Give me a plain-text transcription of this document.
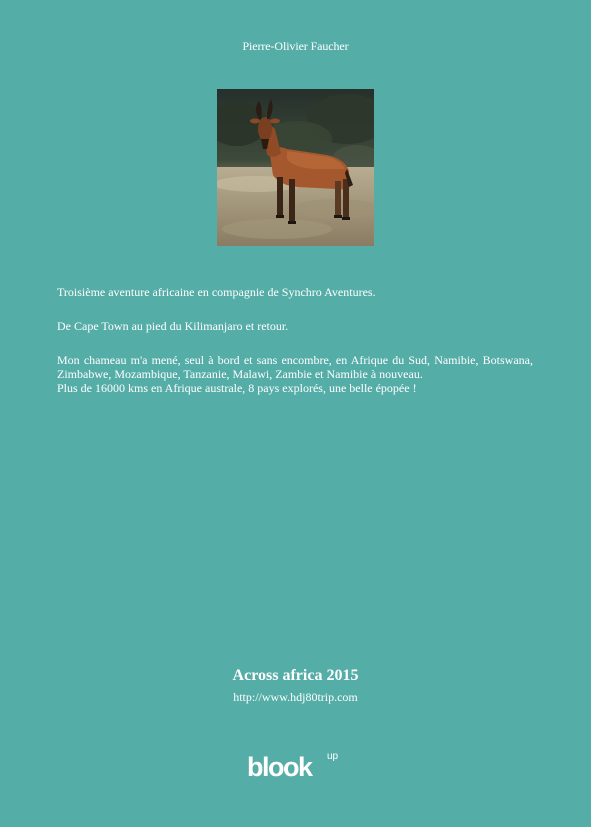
Pierre-Olivier Faucher

Troisième aventure africaine en compagnie de Synchro Aventures.

De Cape Town au pied du Kilimanjaro et retour.

Mon chameau m'a mené, seul à bord et sans encombre, en Afrique du Sud, Namibie, Botswana, Zimbabwe, Mozambique, Tanzanie, Malawi, Zambie et Namibie à nouveau.

Plus de 16000 kms en Afrique australe, 8 pays explorés, une belle épopée !

Across africa 2015
http://www.hdj80trip.com
blook up
